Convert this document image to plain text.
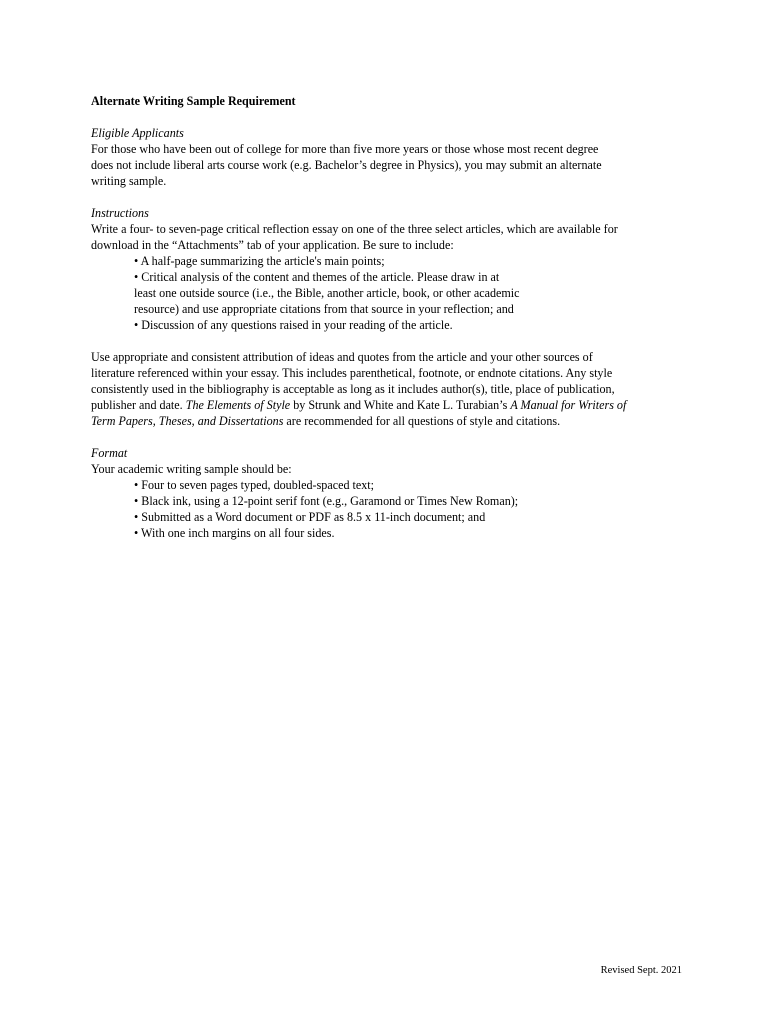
Alternate Writing Sample Requirement
Eligible Applicants
For those who have been out of college for more than five more years or those whose most recent degree
does not include liberal arts course work (e.g. Bachelor’s degree in Physics), you may submit an alternate
writing sample.
Instructions
Write a four- to seven-page critical reflection essay on one of the three select articles, which are available for
download in the “Attachments” tab of your application. Be sure to include:
• A half-page summarizing the article's main points;
• Critical analysis of the content and themes of the article. Please draw in at
least one outside source (i.e., the Bible, another article, book, or other academic
resource) and use appropriate citations from that source in your reflection; and
• Discussion of any questions raised in your reading of the article.
Use appropriate and consistent attribution of ideas and quotes from the article and your other sources of
literature referenced within your essay. This includes parenthetical, footnote, or endnote citations. Any style
consistently used in the bibliography is acceptable as long as it includes author(s), title, place of publication,
publisher and date. The Elements of Style by Strunk and White and Kate L. Turabian’s A Manual for Writers of
Term Papers, Theses, and Dissertations are recommended for all questions of style and citations.
Format
Your academic writing sample should be:
• Four to seven pages typed, doubled-spaced text;
• Black ink, using a 12-point serif font (e.g., Garamond or Times New Roman);
• Submitted as a Word document or PDF as 8.5 x 11-inch document; and
• With one inch margins on all four sides.
Revised Sept. 2021
